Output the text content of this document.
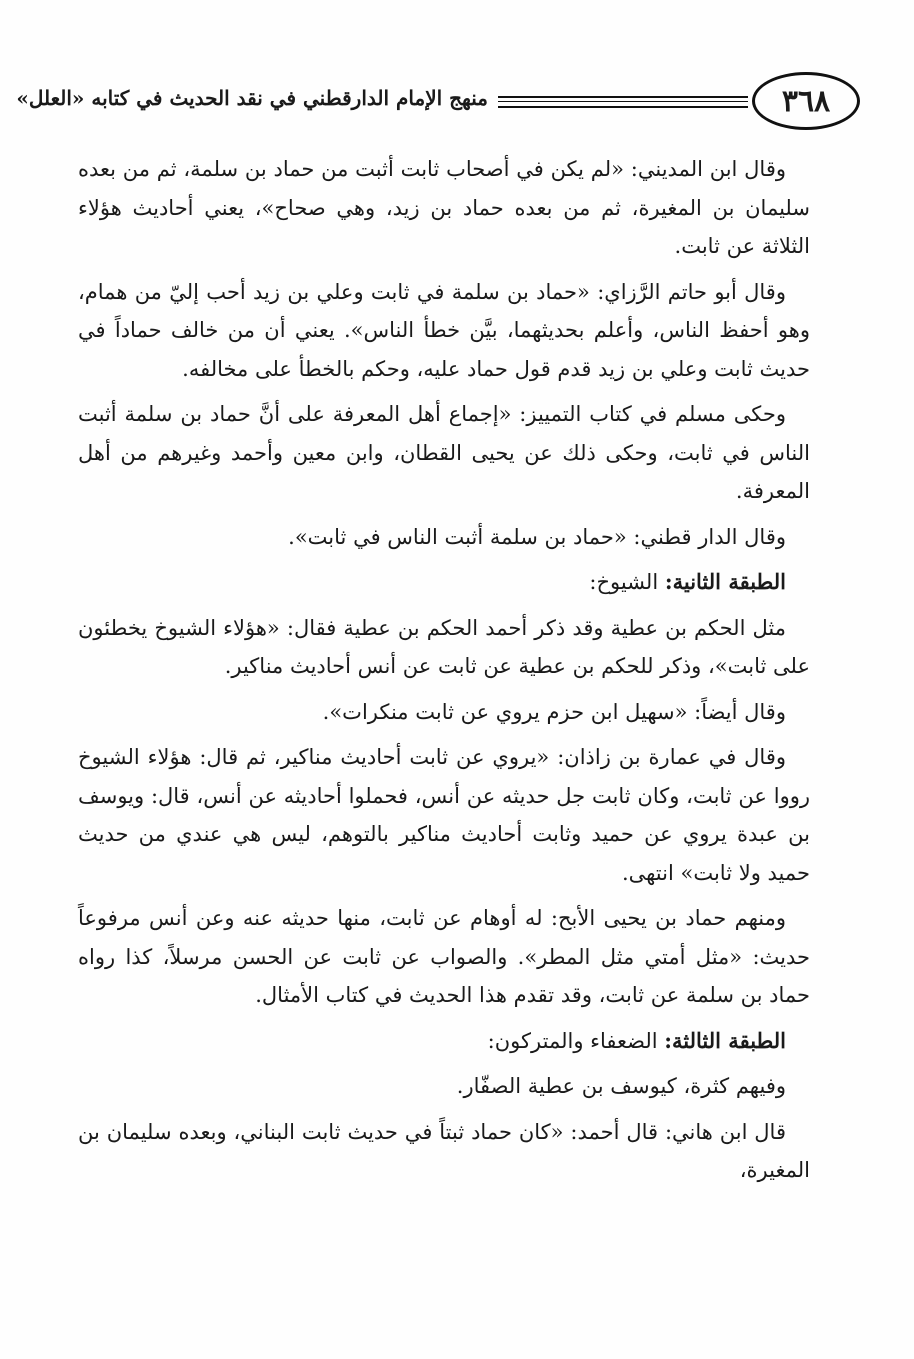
٣٦٨
منهج الإمام الدارقطني في نقد الحديث في كتابه «العلل»

وقال ابن المديني: «لم يكن في أصحاب ثابت أثبت من حماد بن سلمة، ثم من بعده سليمان بن المغيرة، ثم من بعده حماد بن زيد، وهي صحاح»، يعني أحاديث هؤلاء الثلاثة عن ثابت.

وقال أبو حاتم الرَّزاي: «حماد بن سلمة في ثابت وعلي بن زيد أحب إليّ من همام، وهو أحفظ الناس، وأعلم بحديثهما، بيَّن خطأ الناس». يعني أن من خالف حماداً في حديث ثابت وعلي بن زيد قدم قول حماد عليه، وحكم بالخطأ على مخالفه.

وحكى مسلم في كتاب التمييز: «إجماع أهل المعرفة على أنَّ حماد بن سلمة أثبت الناس في ثابت، وحكى ذلك عن يحيى القطان، وابن معين وأحمد وغيرهم من أهل المعرفة.

وقال الدار قطني: «حماد بن سلمة أثبت الناس في ثابت».

الطبقة الثانية: الشيوخ:

مثل الحكم بن عطية وقد ذكر أحمد الحكم بن عطية فقال: «هؤلاء الشيوخ يخطئون على ثابت»، وذكر للحكم بن عطية عن ثابت عن أنس أحاديث مناكير.

وقال أيضاً: «سهيل ابن حزم يروي عن ثابت منكرات».

وقال في عمارة بن زاذان: «يروي عن ثابت أحاديث مناكير، ثم قال: هؤلاء الشيوخ رووا عن ثابت، وكان ثابت جل حديثه عن أنس، فحملوا أحاديثه عن أنس، قال: ويوسف بن عبدة يروي عن حميد وثابت أحاديث مناكير بالتوهم، ليس هي عندي من حديث حميد ولا ثابت» انتهى.

ومنهم حماد بن يحيى الأبح: له أوهام عن ثابت، منها حديثه عنه وعن أنس مرفوعاً حديث: «مثل أمتي مثل المطر». والصواب عن ثابت عن الحسن مرسلاً، كذا رواه حماد بن سلمة عن ثابت، وقد تقدم هذا الحديث في كتاب الأمثال.

الطبقة الثالثة: الضعفاء والمتركون:

وفيهم كثرة، كيوسف بن عطية الصفّار.

قال ابن هاني: قال أحمد: «كان حماد ثبتاً في حديث ثابت البناني، وبعده سليمان بن المغيرة،
